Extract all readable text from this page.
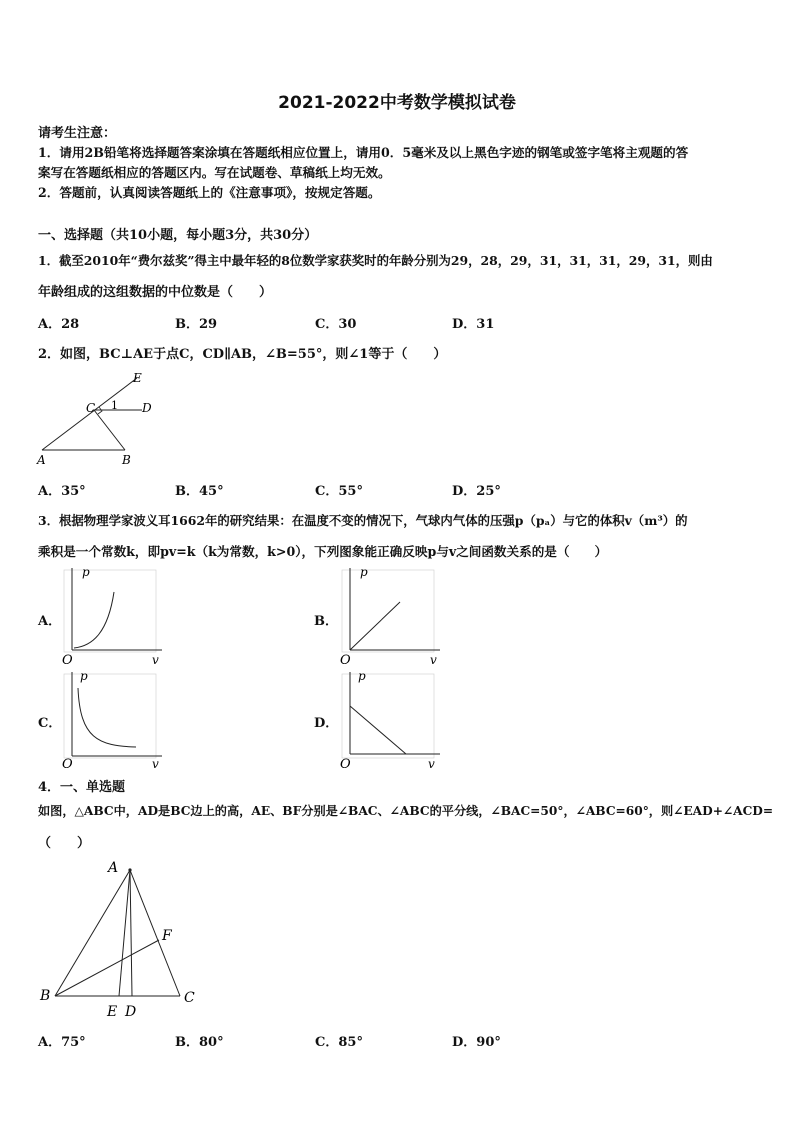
2021-2022中考数学模拟试卷
请考生注意：
1．请用2B铅笔将选择题答案涂填在答题纸相应位置上，请用0．5毫米及以上黑色字迹的钢笔或签字笔将主观题的答
案写在答题纸相应的答题区内。写在试题卷、草稿纸上均无效。
2．答题前，认真阅读答题纸上的《注意事项》，按规定答题。
一、选择题（共10小题，每小题3分，共30分）
1．截至2010年“费尔兹奖”得主中最年轻的8位数学家获奖时的年龄分别为29，28，29，31，31，31，29，31，则由
年龄组成的这组数据的中位数是（　　）
A．28	B．29	C．30	D．31
2．如图，BC⊥AE于点C，CD∥AB，∠B=55°，则∠1等于（　　）
E
C 1 D
A	B
A．35°	B．45°	C．55°	D．25°
3．根据物理学家波义耳1662年的研究结果：在温度不变的情况下，气球内气体的压强p（pₐ）与它的体积v（m³）的
乘积是一个常数k，即pv=k（k为常数，k>0），下列图象能正确反映p与v之间函数关系的是（　　）
A．
p
O	v
B．
p
O	v
C．
p
O	v
D．
p
O	v
4．一、单选题
如图，△ABC中，AD是BC边上的高，AE、BF分别是∠BAC、∠ABC的平分线，∠BAC=50°，∠ABC=60°，则∠EAD+∠ACD=
（　　）
A
F
B
E D
C
A．75°	B．80°	C．85°	D．90°
